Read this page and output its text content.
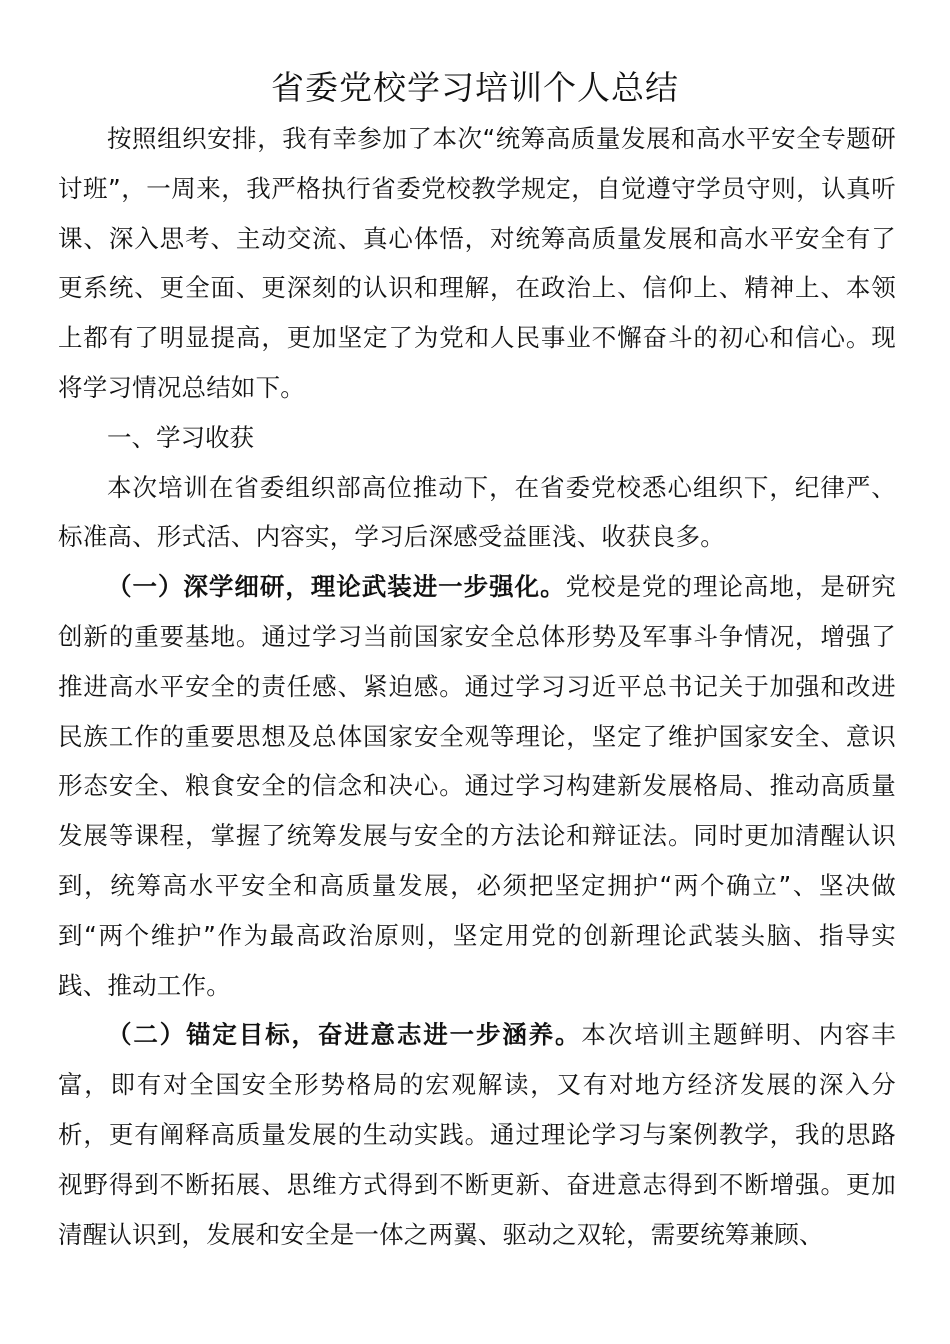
省委党校学习培训个人总结

按照组织安排，我有幸参加了本次“统筹高质量发展和高水平安全专题研讨班”，一周来，我严格执行省委党校教学规定，自觉遵守学员守则，认真听课、深入思考、主动交流、真心体悟，对统筹高质量发展和高水平安全有了更系统、更全面、更深刻的认识和理解，在政治上、信仰上、精神上、本领上都有了明显提高，更加坚定了为党和人民事业不懈奋斗的初心和信心。现将学习情况总结如下。

一、学习收获

本次培训在省委组织部高位推动下，在省委党校悉心组织下，纪律严、标准高、形式活、内容实，学习后深感受益匪浅、收获良多。

（一）深学细研，理论武装进一步强化。党校是党的理论高地，是研究创新的重要基地。通过学习当前国家安全总体形势及军事斗争情况，增强了推进高水平安全的责任感、紧迫感。通过学习习近平总书记关于加强和改进民族工作的重要思想及总体国家安全观等理论，坚定了维护国家安全、意识形态安全、粮食安全的信念和决心。通过学习构建新发展格局、推动高质量发展等课程，掌握了统筹发展与安全的方法论和辩证法。同时更加清醒认识到，统筹高水平安全和高质量发展，必须把坚定拥护“两个确立”、坚决做到“两个维护”作为最高政治原则，坚定用党的创新理论武装头脑、指导实践、推动工作。

（二）锚定目标，奋进意志进一步涵养。本次培训主题鲜明、内容丰富，即有对全国安全形势格局的宏观解读，又有对地方经济发展的深入分析，更有阐释高质量发展的生动实践。通过理论学习与案例教学，我的思路视野得到不断拓展、思维方式得到不断更新、奋进意志得到不断增强。更加清醒认识到，发展和安全是一体之两翼、驱动之双轮，需要统筹兼顾、
